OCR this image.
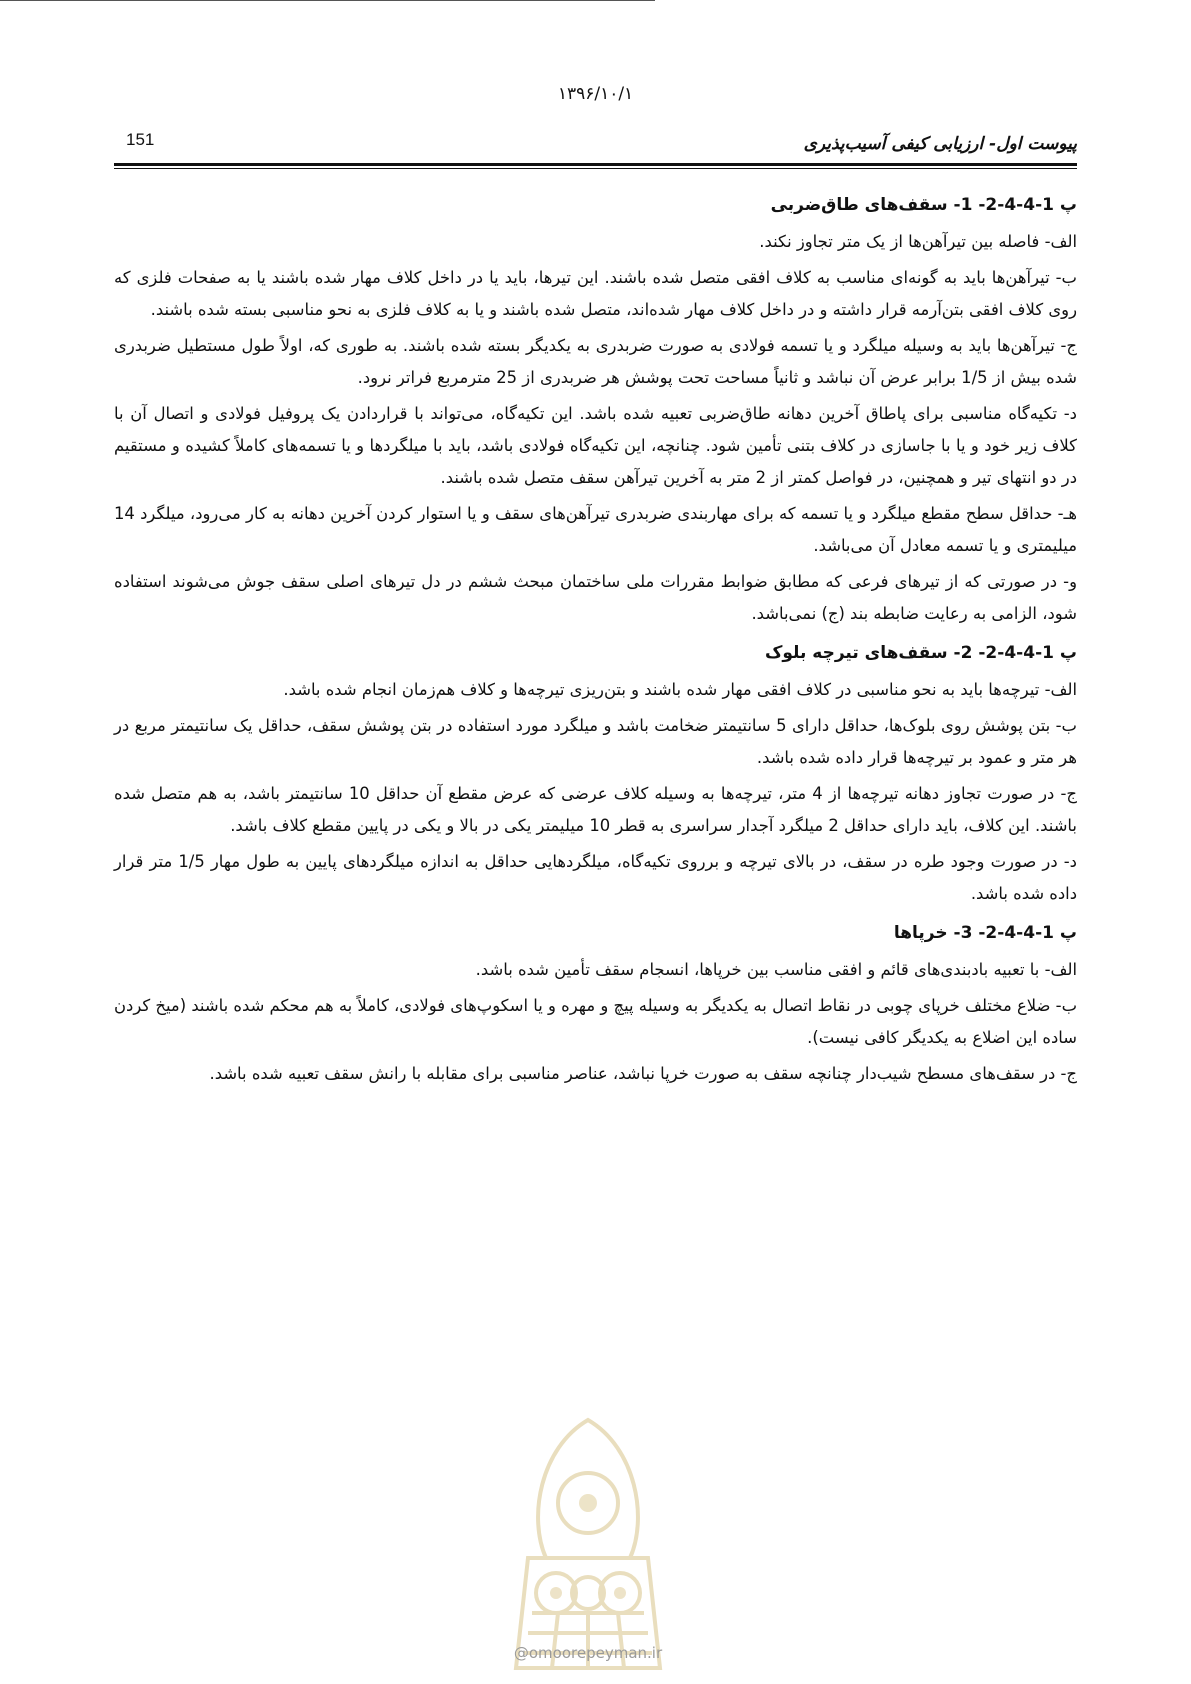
۱۳۹۶/۱۰/۱
پیوست اول- ارزیابی کیفی آسیب‌پذیری
151
پ 1-4-4-2- 1- سقف‌های طاق‌ضربی

الف- فاصله بین تیرآهن‌ها از یک متر تجاوز نکند.

ب- تیرآهن‌ها باید به گونه‌ای مناسب به کلاف افقی متصل شده باشند. این تیرها، باید یا در داخل کلاف مهار شده باشند یا به صفحات فلزی که روی کلاف افقی بتن‌آرمه قرار داشته و در داخل کلاف مهار شده‌اند، متصل شده باشند و یا به کلاف فلزی به نحو مناسبی بسته شده باشند.

ج- تیرآهن‌ها باید به وسیله میلگرد و یا تسمه فولادی به صورت ضربدری به یکدیگر بسته شده باشند. به طوری که، اولاً طول مستطیل ضربدری شده بیش از 1/5 برابر عرض آن نباشد و ثانیاً مساحت تحت پوشش هر ضربدری از 25 مترمربع فراتر نرود.

د- تکیه‌گاه مناسبی برای پاطاق آخرین دهانه طاق‌ضربی تعبیه شده باشد. این تکیه‌گاه، می‌تواند با قراردادن یک پروفیل فولادی و اتصال آن با کلاف زیر خود و یا با جاسازی در کلاف بتنی تأمین شود. چنانچه، این تکیه‌گاه فولادی باشد، باید با میلگردها و یا تسمه‌های کاملاً کشیده و مستقیم در دو انتهای تیر و همچنین، در فواصل کمتر از 2 متر به آخرین تیرآهن سقف متصل شده باشند.

هـ- حداقل سطح مقطع میلگرد و یا تسمه که برای مهاربندی ضربدری تیرآهن‌های سقف و یا استوار کردن آخرین دهانه به کار می‌رود، میلگرد 14 میلیمتری و یا تسمه معادل آن می‌باشد.

و- در صورتی که از تیرهای فرعی که مطابق ضوابط مقررات ملی ساختمان مبحث ششم در دل تیرهای اصلی سقف جوش می‌شوند استفاده شود، الزامی به رعایت ضابطه بند (ج) نمی‌باشد.

پ 1-4-4-2- 2- سقف‌های تیرچه بلوک

الف- تیرچه‌ها باید به نحو مناسبی در کلاف افقی مهار شده باشند و بتن‌ریزی تیرچه‌ها و کلاف هم‌زمان انجام شده باشد.

ب- بتن پوشش روی بلوک‌ها، حداقل دارای 5 سانتیمتر ضخامت باشد و میلگرد مورد استفاده در بتن پوشش سقف، حداقل یک سانتیمتر مربع در هر متر و عمود بر تیرچه‌ها قرار داده شده باشد.

ج- در صورت تجاوز دهانه تیرچه‌ها از 4 متر، تیرچه‌ها به وسیله کلاف عرضی که عرض مقطع آن حداقل 10 سانتیمتر باشد، به هم متصل شده باشند. این کلاف، باید دارای حداقل 2 میلگرد آجدار سراسری به قطر 10 میلیمتر یکی در بالا و یکی در پایین مقطع کلاف باشد.

د- در صورت وجود طره در سقف، در بالای تیرچه و برروی تکیه‌گاه، میلگردهایی حداقل به اندازه میلگردهای پایین به طول مهار 1/5 متر قرار داده شده باشد.

پ 1-4-4-2- 3- خرپاها

الف- با تعبیه بادبندی‌های قائم و افقی مناسب بین خرپاها، انسجام سقف تأمین شده باشد.

ب- ضلاع مختلف خرپای چوبی در نقاط اتصال به یکدیگر به وسیله پیچ و مهره و یا اسکوپ‌های فولادی، کاملاً به هم محکم شده باشند (میخ کردن ساده این اضلاع به یکدیگر کافی نیست).

ج- در سقف‌های مسطح شیب‌دار چنانچه سقف به صورت خرپا نباشد، عناصر مناسبی برای مقابله با رانش سقف تعبیه شده باشد.

@omoorepeyman.ir
